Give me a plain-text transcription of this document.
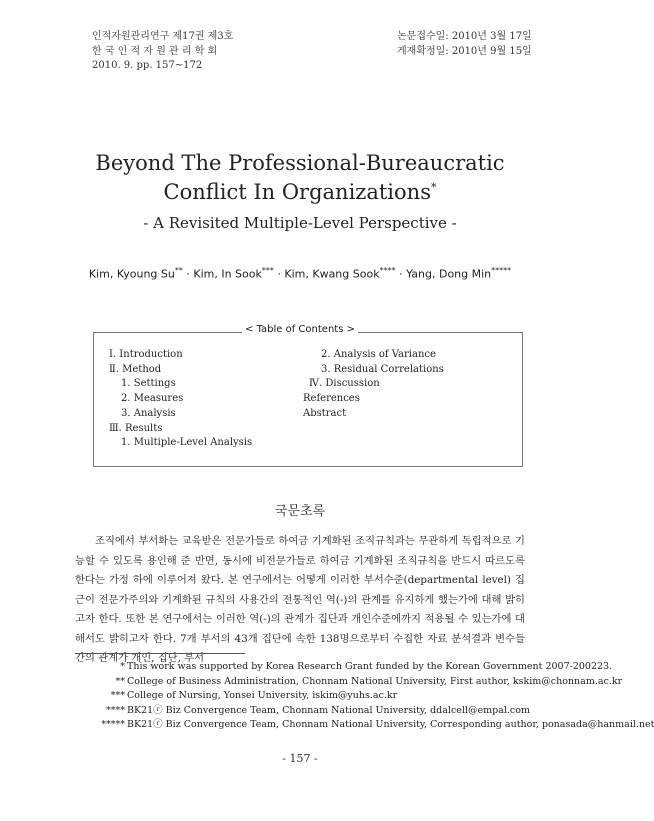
인적자원관리연구 제17권 제3호
한 국 인 적 자 원 관 리 학 회
2010. 9. pp. 157~172
논문접수일: 2010년 3월 17일
게재확정일: 2010년 9월 15일
Beyond The Professional-Bureaucratic
Conflict In Organizations*
- A Revisited Multiple-Level Perspective -
Kim, Kyoung Su** · Kim, In Sook*** · Kim, Kwang Sook**** · Yang, Dong Min*****
< Table of Contents >
Ⅰ. Introduction
Ⅱ. Method
1. Settings
2. Measures
3. Analysis
Ⅲ. Results
1. Multiple-Level Analysis
2. Analysis of Variance
3. Residual Correlations
Ⅳ. Discussion
References
Abstract
국문초록

조직에서 부서화는 교육받은 전문가들로 하여금 기계화된 조직규칙과는 무관하게 독립적으로 기능할 수 있도록 용인해 준 반면, 동시에 비전문가들로 하여금 기계화된 조직규칙을 반드시 따르도록 한다는 가정 하에 이루어져 왔다. 본 연구에서는 어떻게 이러한 부서수준(departmental level) 집근이 전문가주의와 기계화된 규칙의 사용간의 전통적인 역(-)의 관계를 유지하게 했는가에 대해 밝히고자 한다. 또한 본 연구에서는 이러한 역(-)의 관계가 집단과 개인수준에까지 적용될 수 있는가에 대해서도 밝히고자 한다. 7개 부서의 43개 집단에 속한 138명으로부터 수집한 자료 분석결과 변수들 간의 관계가 개인, 집단, 부서

* This work was supported by Korea Research Grant funded by the Korean Government 2007-200223.
** College of Business Administration, Chonnam National University, First author, kskim@chonnam.ac.kr
*** College of Nursing, Yonsei University, iskim@yuhs.ac.kr
**** BK21ⓡ Biz Convergence Team, Chonnam National University, ddalcell@empal.com
***** BK21ⓡ Biz Convergence Team, Chonnam National University, Corresponding author, ponasada@hanmail.net
- 157 -
